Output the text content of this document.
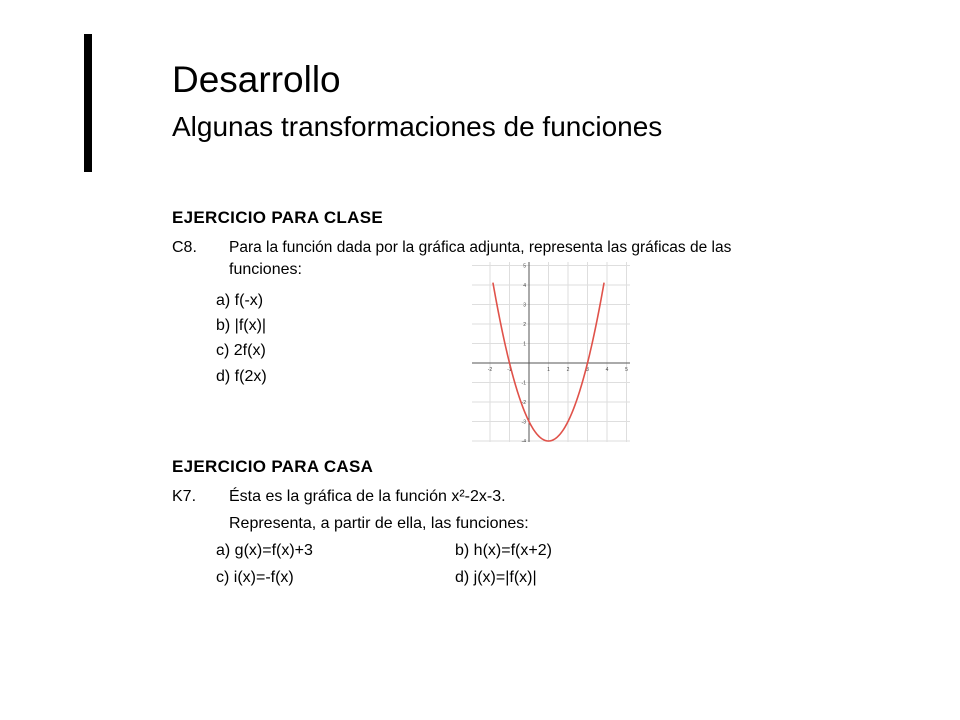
Desarrollo
Algunas transformaciones de funciones
EJERCICIO PARA CLASE
C8. Para la función dada por la gráfica adjunta, representa las gráficas de las
funciones:
a) f(-x)
b) |f(x)|
c) 2f(x)
d) f(2x)	-2	-1	1	2	3	4	5
5
4
3
2
1
-1
-2
-3
-4
EJERCICIO PARA CASA
K7. Ésta es la gráfica de la función x²-2x-3.
Representa, a partir de ella, las funciones:
a) g(x)=f(x)+3	b) h(x)=f(x+2)
c) i(x)=-f(x)	d) j(x)=|f(x)|
